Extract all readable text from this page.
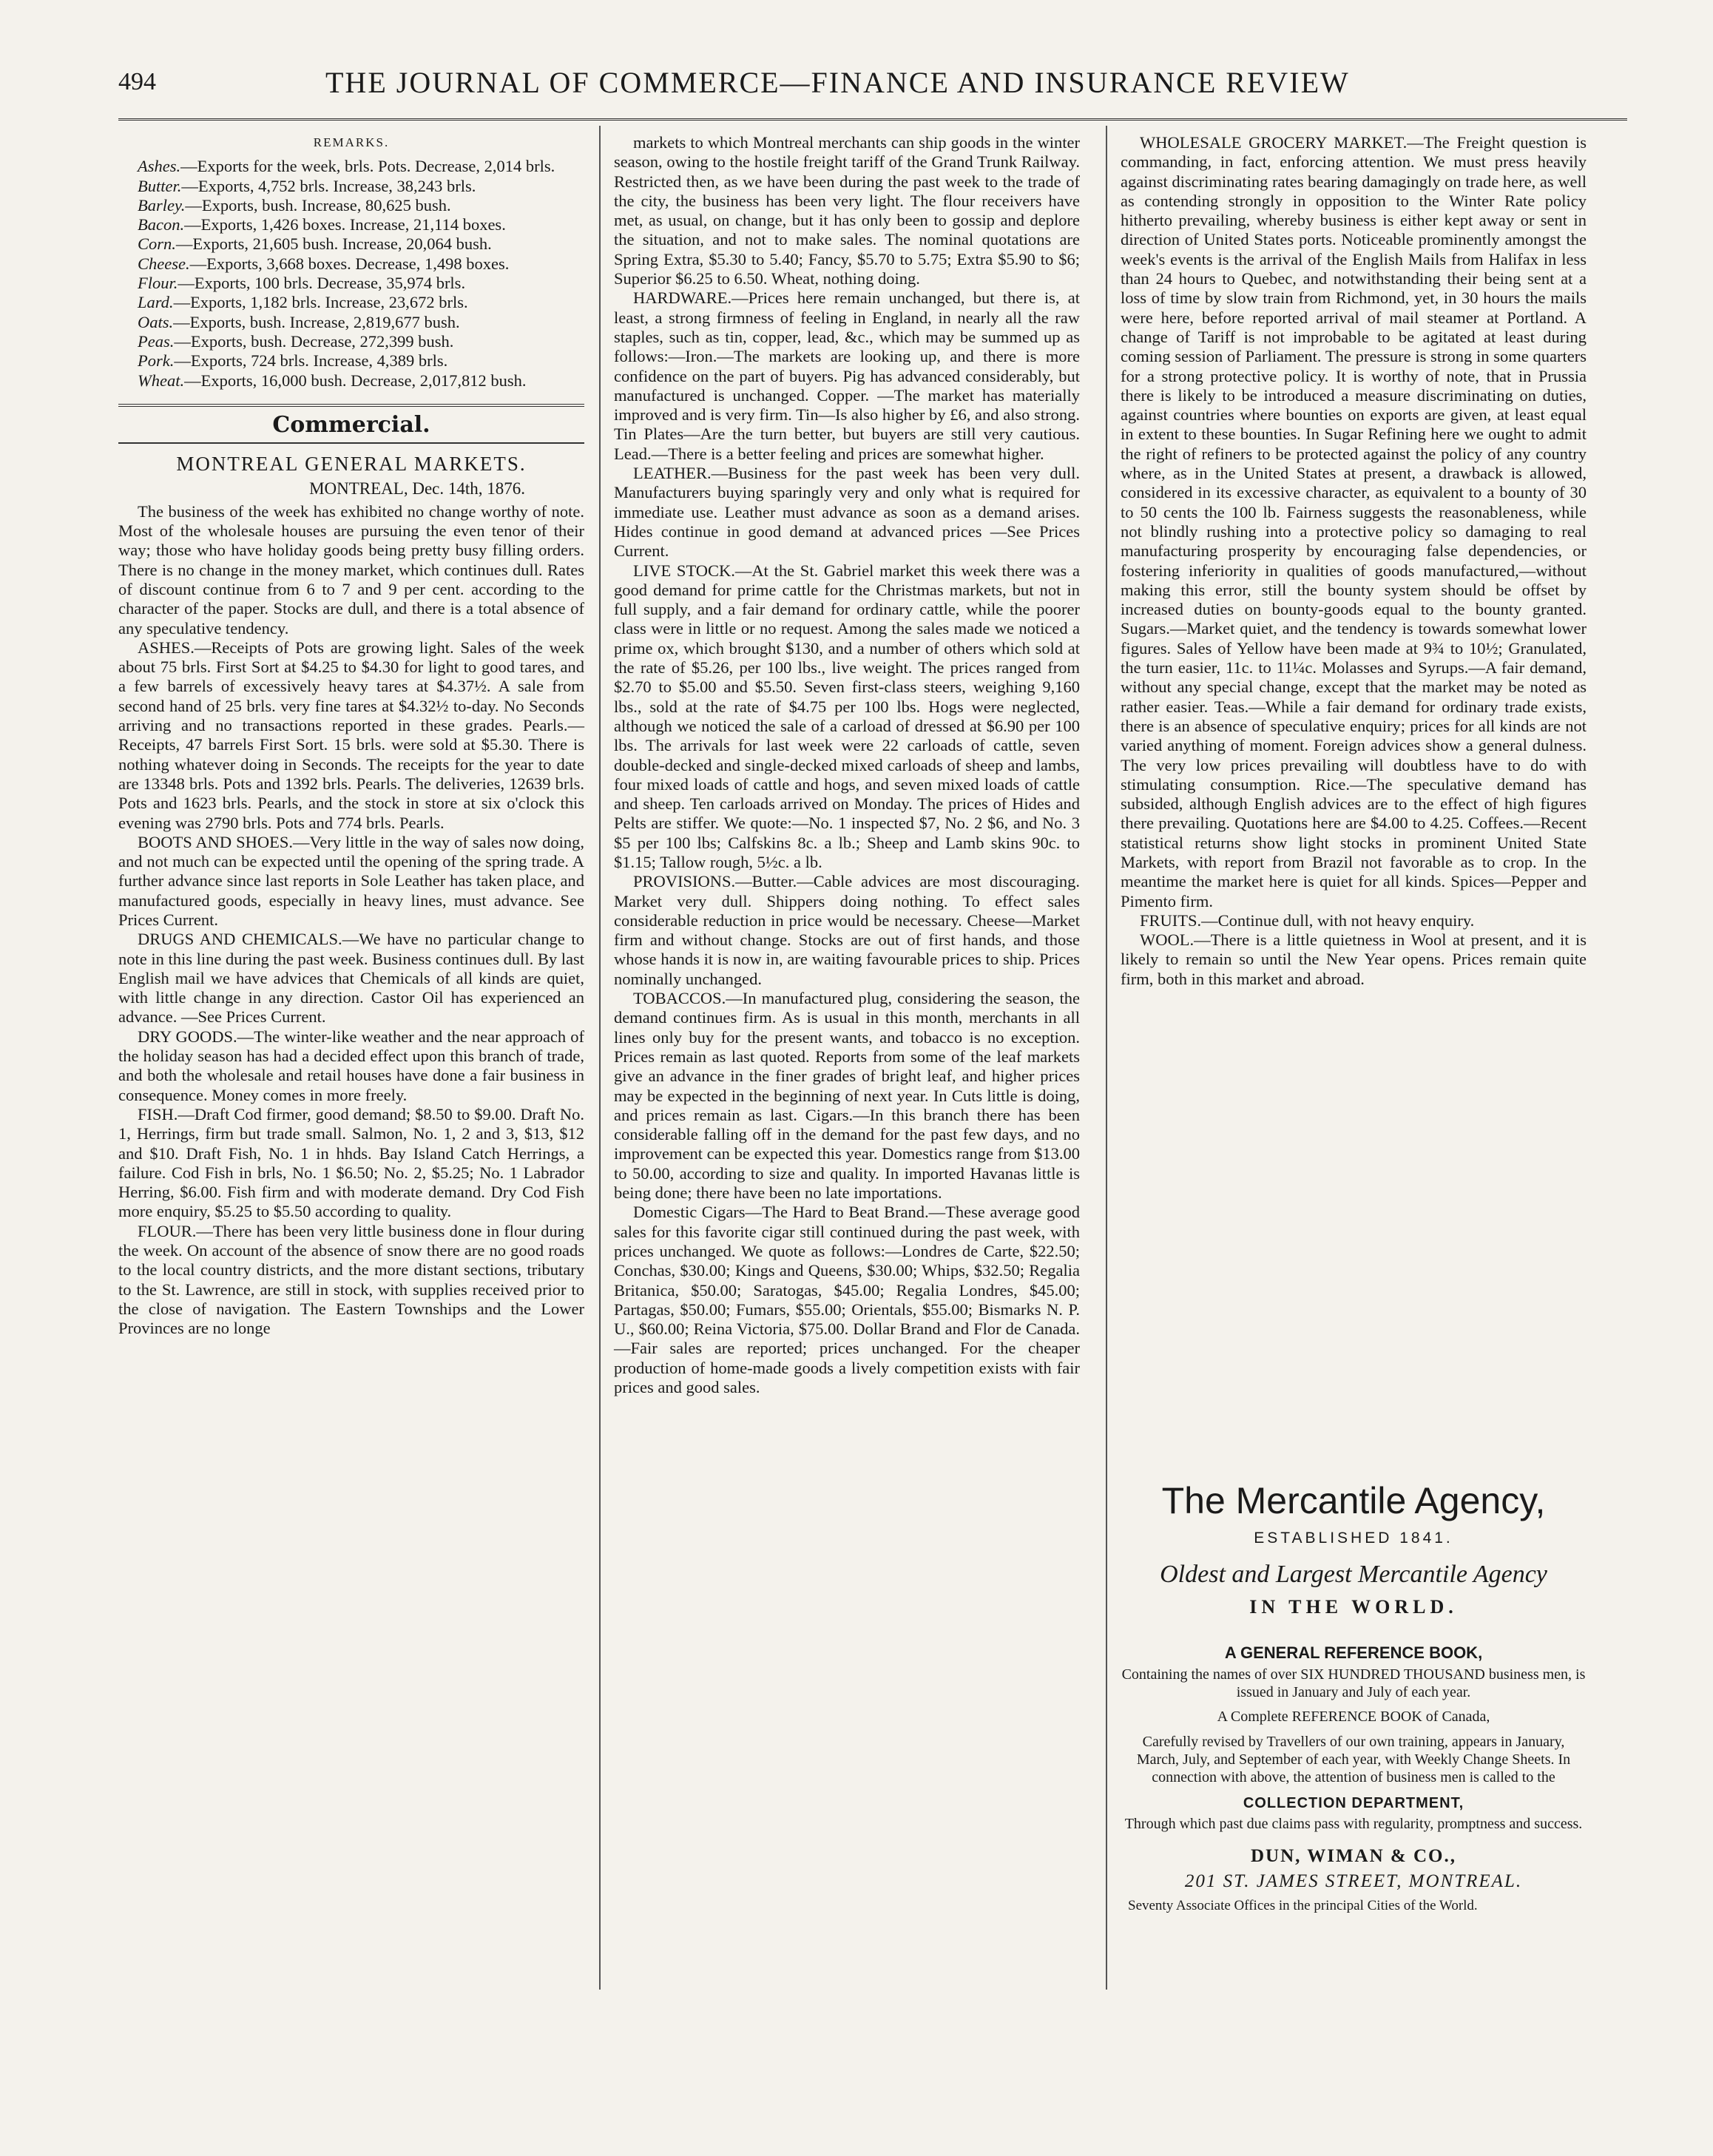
494	THE JOURNAL OF COMMERCE—FINANCE AND INSURANCE REVIEW

REMARKS.

Ashes.—Exports for the week, brls. Pots. Decrease, 2,014 brls.

Butter.—Exports, 4,752 brls. Increase, 38,243 brls.

Barley.—Exports, bush. Increase, 80,625 bush.

Bacon.—Exports, 1,426 boxes. Increase, 21,114 boxes.

Corn.—Exports, 21,605 bush. Increase, 20,064 bush.

Cheese.—Exports, 3,668 boxes. Decrease, 1,498 boxes.

Flour.—Exports, 100 brls. Decrease, 35,974 brls.

Lard.—Exports, 1,182 brls. Increase, 23,672 brls.

Oats.—Exports, bush. Increase, 2,819,677 bush.

Peas.—Exports, bush. Decrease, 272,399 bush.

Pork.—Exports, 724 brls. Increase, 4,389 brls.

Wheat.—Exports, 16,000 bush. Decrease, 2,017,812 bush.

Commercial.

MONTREAL GENERAL MARKETS.

MONTREAL, Dec. 14th, 1876.

The business of the week has exhibited no change worthy of note. Most of the wholesale houses are pursuing the even tenor of their way; those who have holiday goods being pretty busy filling orders. There is no change in the money market, which continues dull. Rates of discount continue from 6 to 7 and 9 per cent. according to the character of the paper. Stocks are dull, and there is a total absence of any speculative tendency.

ASHES.—Receipts of Pots are growing light. Sales of the week about 75 brls. First Sort at $4.25 to $4.30 for light to good tares, and a few barrels of excessively heavy tares at $4.37½. A sale from second hand of 25 brls. very fine tares at $4.32½ to-day. No Seconds arriving and no transactions reported in these grades. Pearls.—Receipts, 47 barrels First Sort. 15 brls. were sold at $5.30. There is nothing whatever doing in Seconds. The receipts for the year to date are 13348 brls. Pots and 1392 brls. Pearls. The deliveries, 12639 brls. Pots and 1623 brls. Pearls, and the stock in store at six o'clock this evening was 2790 brls. Pots and 774 brls. Pearls.

BOOTS AND SHOES.—Very little in the way of sales now doing, and not much can be expected until the opening of the spring trade. A further advance since last reports in Sole Leather has taken place, and manufactured goods, especially in heavy lines, must advance. See Prices Current.

DRUGS AND CHEMICALS.—We have no particular change to note in this line during the past week. Business continues dull. By last English mail we have advices that Chemicals of all kinds are quiet, with little change in any direction. Castor Oil has experienced an advance. —See Prices Current.

DRY GOODS.—The winter-like weather and the near approach of the holiday season has had a decided effect upon this branch of trade, and both the wholesale and retail houses have done a fair business in consequence. Money comes in more freely.

FISH.—Draft Cod firmer, good demand; $8.50 to $9.00. Draft No. 1, Herrings, firm but trade small. Salmon, No. 1, 2 and 3, $13, $12 and $10. Draft Fish, No. 1 in hhds. Bay Island Catch Herrings, a failure. Cod Fish in brls, No. 1 $6.50; No. 2, $5.25; No. 1 Labrador Herring, $6.00. Fish firm and with moderate demand. Dry Cod Fish more enquiry, $5.25 to $5.50 according to quality.

FLOUR.—There has been very little business done in flour during the week. On account of the absence of snow there are no good roads to the local country districts, and the more distant sections, tributary to the St. Lawrence, are still in stock, with supplies received prior to the close of navigation. The Eastern Townships and the Lower Provinces are no longe

markets to which Montreal merchants can ship goods in the winter season, owing to the hostile freight tariff of the Grand Trunk Railway. Restricted then, as we have been during the past week to the trade of the city, the business has been very light. The flour receivers have met, as usual, on change, but it has only been to gossip and deplore the situation, and not to make sales. The nominal quotations are Spring Extra, $5.30 to 5.40; Fancy, $5.70 to 5.75; Extra $5.90 to $6; Superior $6.25 to 6.50. Wheat, nothing doing.

HARDWARE.—Prices here remain unchanged, but there is, at least, a strong firmness of feeling in England, in nearly all the raw staples, such as tin, copper, lead, &c., which may be summed up as follows:—Iron.—The markets are looking up, and there is more confidence on the part of buyers. Pig has advanced considerably, but manufactured is unchanged. Copper. —The market has materially improved and is very firm. Tin—Is also higher by £6, and also strong. Tin Plates—Are the turn better, but buyers are still very cautious. Lead.—There is a better feeling and prices are somewhat higher.

LEATHER.—Business for the past week has been very dull. Manufacturers buying sparingly very and only what is required for immediate use. Leather must advance as soon as a demand arises. Hides continue in good demand at advanced prices —See Prices Current.

LIVE STOCK.—At the St. Gabriel market this week there was a good demand for prime cattle for the Christmas markets, but not in full supply, and a fair demand for ordinary cattle, while the poorer class were in little or no request. Among the sales made we noticed a prime ox, which brought $130, and a number of others which sold at the rate of $5.26, per 100 lbs., live weight. The prices ranged from $2.70 to $5.00 and $5.50. Seven first-class steers, weighing 9,160 lbs., sold at the rate of $4.75 per 100 lbs. Hogs were neglected, although we noticed the sale of a carload of dressed at $6.90 per 100 lbs. The arrivals for last week were 22 carloads of cattle, seven double-decked and single-decked mixed carloads of sheep and lambs, four mixed loads of cattle and hogs, and seven mixed loads of cattle and sheep. Ten carloads arrived on Monday. The prices of Hides and Pelts are stiffer. We quote:—No. 1 inspected $7, No. 2 $6, and No. 3 $5 per 100 lbs; Calfskins 8c. a lb.; Sheep and Lamb skins 90c. to $1.15; Tallow rough, 5½c. a lb.

PROVISIONS.—Butter.—Cable advices are most discouraging. Market very dull. Shippers doing nothing. To effect sales considerable reduction in price would be necessary. Cheese—Market firm and without change. Stocks are out of first hands, and those whose hands it is now in, are waiting favourable prices to ship. Prices nominally unchanged.

TOBACCOS.—In manufactured plug, considering the season, the demand continues firm. As is usual in this month, merchants in all lines only buy for the present wants, and tobacco is no exception. Prices remain as last quoted. Reports from some of the leaf markets give an advance in the finer grades of bright leaf, and higher prices may be expected in the beginning of next year. In Cuts little is doing, and prices remain as last. Cigars.—In this branch there has been considerable falling off in the demand for the past few days, and no improvement can be expected this year. Domestics range from $13.00 to 50.00, according to size and quality. In imported Havanas little is being done; there have been no late importations.

Domestic Cigars—The Hard to Beat Brand.—These average good sales for this favorite cigar still continued during the past week, with prices unchanged. We quote as follows:—Londres de Carte, $22.50; Conchas, $30.00; Kings and Queens, $30.00; Whips, $32.50; Regalia Britanica, $50.00; Saratogas, $45.00; Regalia Londres, $45.00; Partagas, $50.00; Fumars, $55.00; Orientals, $55.00; Bismarks N. P. U., $60.00; Reina Victoria, $75.00. Dollar Brand and Flor de Canada.—Fair sales are reported; prices unchanged. For the cheaper production of home-made goods a lively competition exists with fair prices and good sales.

WHOLESALE GROCERY MARKET.—The Freight question is commanding, in fact, enforcing attention. We must press heavily against discriminating rates bearing damagingly on trade here, as well as contending strongly in opposition to the Winter Rate policy hitherto prevailing, whereby business is either kept away or sent in direction of United States ports. Noticeable prominently amongst the week's events is the arrival of the English Mails from Halifax in less than 24 hours to Quebec, and notwithstanding their being sent at a loss of time by slow train from Richmond, yet, in 30 hours the mails were here, before reported arrival of mail steamer at Portland. A change of Tariff is not improbable to be agitated at least during coming session of Parliament. The pressure is strong in some quarters for a strong protective policy. It is worthy of note, that in Prussia there is likely to be introduced a measure discriminating on duties, against countries where bounties on exports are given, at least equal in extent to these bounties. In Sugar Refining here we ought to admit the right of refiners to be protected against the policy of any country where, as in the United States at present, a drawback is allowed, considered in its excessive character, as equivalent to a bounty of 30 to 50 cents the 100 lb. Fairness suggests the reasonableness, while not blindly rushing into a protective policy so damaging to real manufacturing prosperity by encouraging false dependencies, or fostering inferiority in qualities of goods manufactured,—without making this error, still the bounty system should be offset by increased duties on bounty-goods equal to the bounty granted. Sugars.—Market quiet, and the tendency is towards somewhat lower figures. Sales of Yellow have been made at 9¾ to 10½; Granulated, the turn easier, 11c. to 11¼c. Molasses and Syrups.—A fair demand, without any special change, except that the market may be noted as rather easier. Teas.—While a fair demand for ordinary trade exists, there is an absence of speculative enquiry; prices for all kinds are not varied anything of moment. Foreign advices show a general dulness. The very low prices prevailing will doubtless have to do with stimulating consumption. Rice.—The speculative demand has subsided, although English advices are to the effect of high figures there prevailing. Quotations here are $4.00 to 4.25. Coffees.—Recent statistical returns show light stocks in prominent United State Markets, with report from Brazil not favorable as to crop. In the meantime the market here is quiet for all kinds. Spices—Pepper and Pimento firm.

FRUITS.—Continue dull, with not heavy enquiry.

WOOL.—There is a little quietness in Wool at present, and it is likely to remain so until the New Year opens. Prices remain quite firm, both in this market and abroad.

The Mercantile Agency,
ESTABLISHED 1841.
Oldest and Largest Mercantile Agency
IN THE WORLD.
A GENERAL REFERENCE BOOK,
Containing the names of over SIX HUNDRED THOUSAND business men, is issued in January and July of each year.
A Complete REFERENCE BOOK of Canada,
Carefully revised by Travellers of our own training, appears in January, March, July, and September of each year, with Weekly Change Sheets. In connection with above, the attention of business men is called to the
COLLECTION DEPARTMENT,
Through which past due claims pass with regularity, promptness and success.
DUN, WIMAN & CO.,
201 ST. JAMES STREET, MONTREAL.
Seventy Associate Offices in the principal Cities of the World.
